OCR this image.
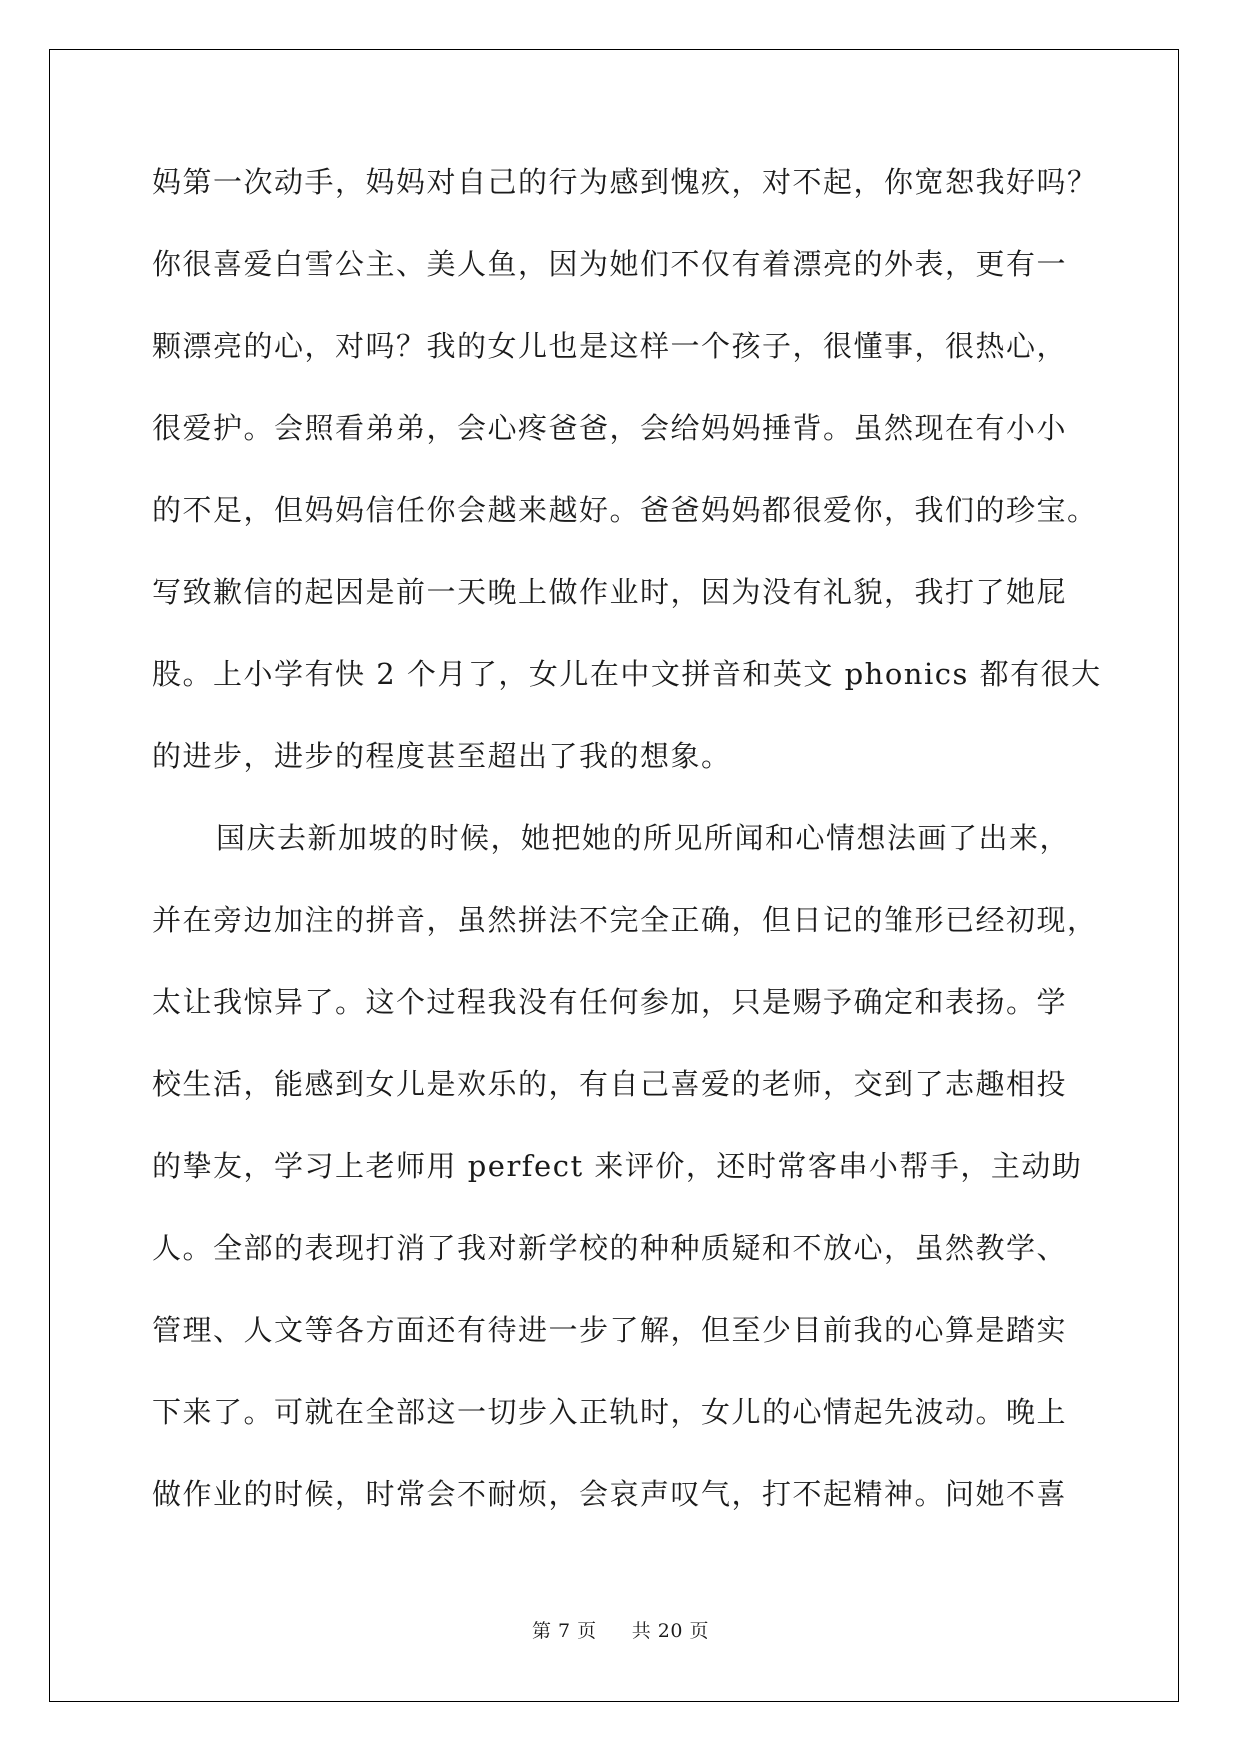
妈第一次动手，妈妈对自己的行为感到愧疚，对不起，你宽恕我好吗？
你很喜爱白雪公主、美人鱼，因为她们不仅有着漂亮的外表，更有一
颗漂亮的心，对吗？我的女儿也是这样一个孩子，很懂事，很热心，
很爱护。会照看弟弟，会心疼爸爸，会给妈妈捶背。虽然现在有小小
的不足，但妈妈信任你会越来越好。爸爸妈妈都很爱你，我们的珍宝。
写致歉信的起因是前一天晚上做作业时，因为没有礼貌，我打了她屁
股。上小学有快 2 个月了，女儿在中文拼音和英文 phonics 都有很大
的进步，进步的程度甚至超出了我的想象。
国庆去新加坡的时候，她把她的所见所闻和心情想法画了出来，
并在旁边加注的拼音，虽然拼法不完全正确，但日记的雏形已经初现，
太让我惊异了。这个过程我没有任何参加，只是赐予确定和表扬。学
校生活，能感到女儿是欢乐的，有自己喜爱的老师，交到了志趣相投
的挚友，学习上老师用 perfect 来评价，还时常客串小帮手，主动助
人。全部的表现打消了我对新学校的种种质疑和不放心，虽然教学、
管理、人文等各方面还有待进一步了解，但至少目前我的心算是踏实
下来了。可就在全部这一切步入正轨时，女儿的心情起先波动。晚上
做作业的时候，时常会不耐烦，会哀声叹气，打不起精神。问她不喜
第 7 页 共 20 页
